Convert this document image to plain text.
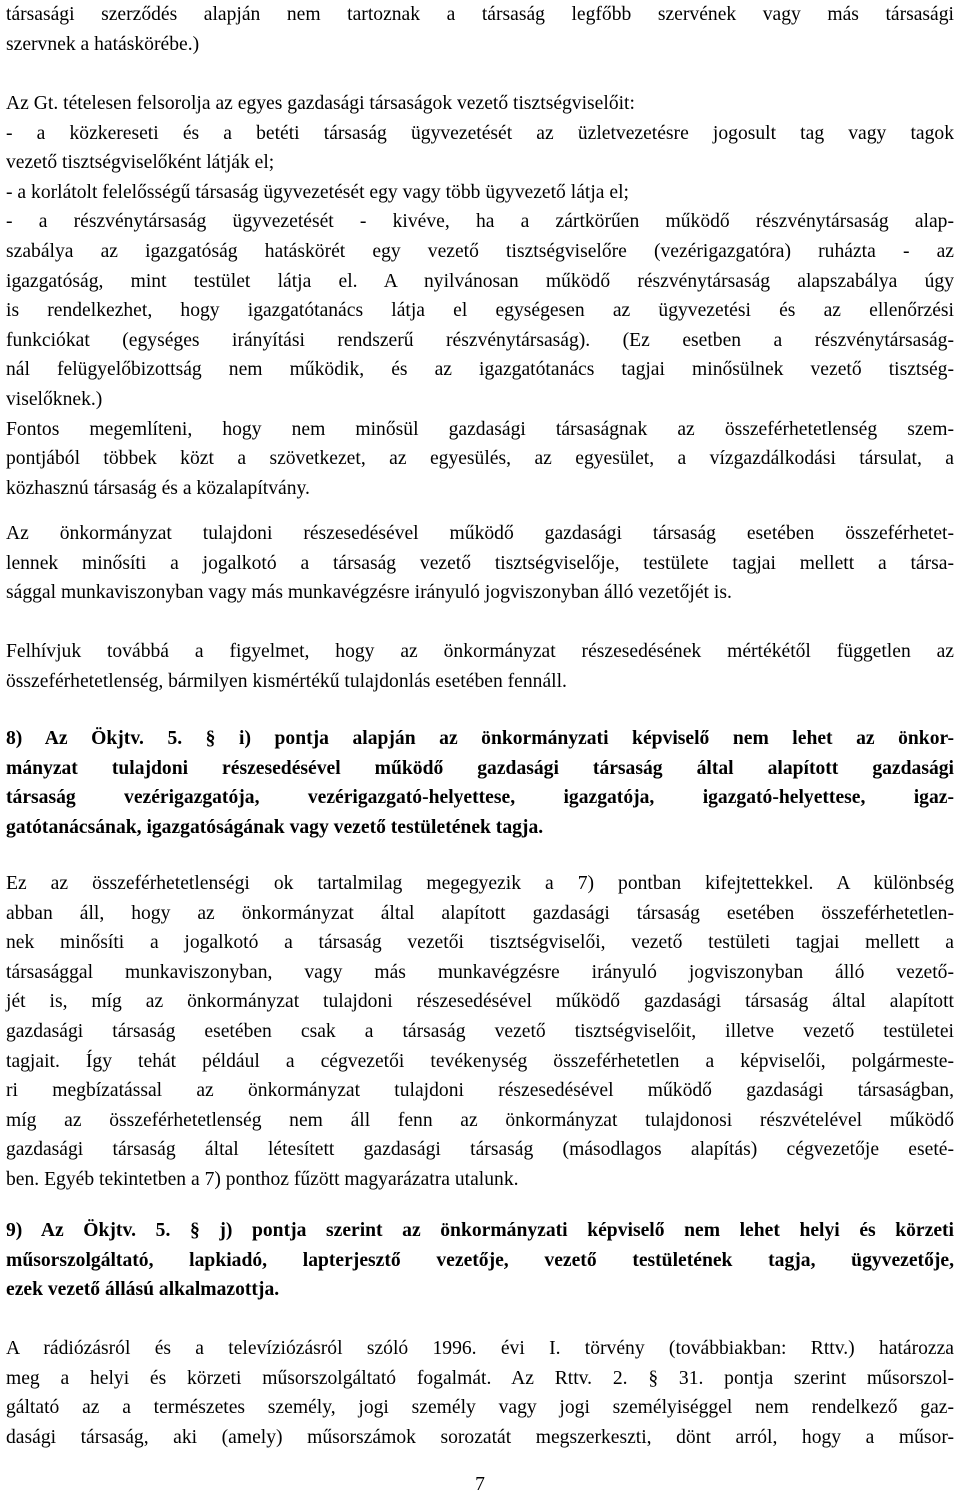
társasági szerződés alapján nem tartoznak a társaság legfőbb szervének vagy más társasági
szervnek a hatáskörébe.)

Az Gt. tételesen felsorolja az egyes gazdasági társaságok vezető tisztségviselőit:
- a közkereseti és a betéti társaság ügyvezetését az üzletvezetésre jogosult tag vagy tagok
vezető tisztségviselőként látják el;
- a korlátolt felelősségű társaság ügyvezetését egy vagy több ügyvezető látja el;
- a részvénytársaság ügyvezetését - kivéve, ha a zártkörűen működő részvénytársaság alap-
szabálya az igazgatóság hatáskörét egy vezető tisztségviselőre (vezérigazgatóra) ruházta - az
igazgatóság, mint testület látja el. A nyilvánosan működő részvénytársaság alapszabálya úgy
is rendelkezhet, hogy igazgatótanács látja el egységesen az ügyvezetési és az ellenőrzési
funkciókat (egységes irányítási rendszerű részvénytársaság). (Ez esetben a részvénytársaság-
nál felügyelőbizottság nem működik, és az igazgatótanács tagjai minősülnek vezető tisztség-
viselőknek.)
Fontos megemlíteni, hogy nem minősül gazdasági társaságnak az összeférhetetlenség szem-
pontjából többek közt a szövetkezet, az egyesülés, az egyesület, a vízgazdálkodási társulat, a
közhasznú társaság és a közalapítvány.

Az önkormányzat tulajdoni részesedésével működő gazdasági társaság esetében összeférhetet-
lennek minősíti a jogalkotó a társaság vezető tisztségviselője, testülete tagjai mellett a társa-
sággal munkaviszonyban vagy más munkavégzésre irányuló jogviszonyban álló vezetőjét is.

Felhívjuk továbbá a figyelmet, hogy az önkormányzat részesedésének mértékétől független az
összeférhetetlenség, bármilyen kismértékű tulajdonlás esetében fennáll.

8) Az Ökjtv. 5. § i) pontja alapján az önkormányzati képviselő nem lehet az önkor-
mányzat tulajdoni részesedésével működő gazdasági társaság által alapított gazdasági
társaság vezérigazgatója, vezérigazgató-helyettese, igazgatója, igazgató-helyettese, igaz-
gatótanácsának, igazgatóságának vagy vezető testületének tagja.

Ez az összeférhetetlenségi ok tartalmilag megegyezik a 7) pontban kifejtettekkel. A különbség
abban áll, hogy az önkormányzat által alapított gazdasági társaság esetében összeférhetetlen-
nek minősíti a jogalkotó a társaság vezetői tisztségviselői, vezető testületi tagjai mellett a
társasággal munkaviszonyban, vagy más munkavégzésre irányuló jogviszonyban álló vezető-
jét is, míg az önkormányzat tulajdoni részesedésével működő gazdasági társaság által alapított
gazdasági társaság esetében csak a társaság vezető tisztségviselőit, illetve vezető testületei
tagjait. Így tehát például a cégvezetői tevékenység összeférhetetlen a képviselői, polgármeste-
ri megbízatással az önkormányzat tulajdoni részesedésével működő gazdasági társaságban,
míg az összeférhetetlenség nem áll fenn az önkormányzat tulajdonosi részvételével működő
gazdasági társaság által létesített gazdasági társaság (másodlagos alapítás) cégvezetője eseté-
ben. Egyéb tekintetben a 7) ponthoz fűzött magyarázatra utalunk.

9) Az Ökjtv. 5. § j) pontja szerint az önkormányzati képviselő nem lehet helyi és körzeti
műsorszolgáltató, lapkiadó, lapterjesztő vezetője, vezető testületének tagja, ügyvezetője,
ezek vezető állású alkalmazottja.

A rádiózásról és a televíziózásról szóló 1996. évi I. törvény (továbbiakban: Rttv.) határozza
meg a helyi és körzeti műsorszolgáltató fogalmát. Az Rttv. 2. § 31. pontja szerint műsorszol-
gáltató az a természetes személy, jogi személy vagy jogi személyiséggel nem rendelkező gaz-
dasági társaság, aki (amely) műsorszámok sorozatát megszerkeszti, dönt arról, hogy a műsor-

7
